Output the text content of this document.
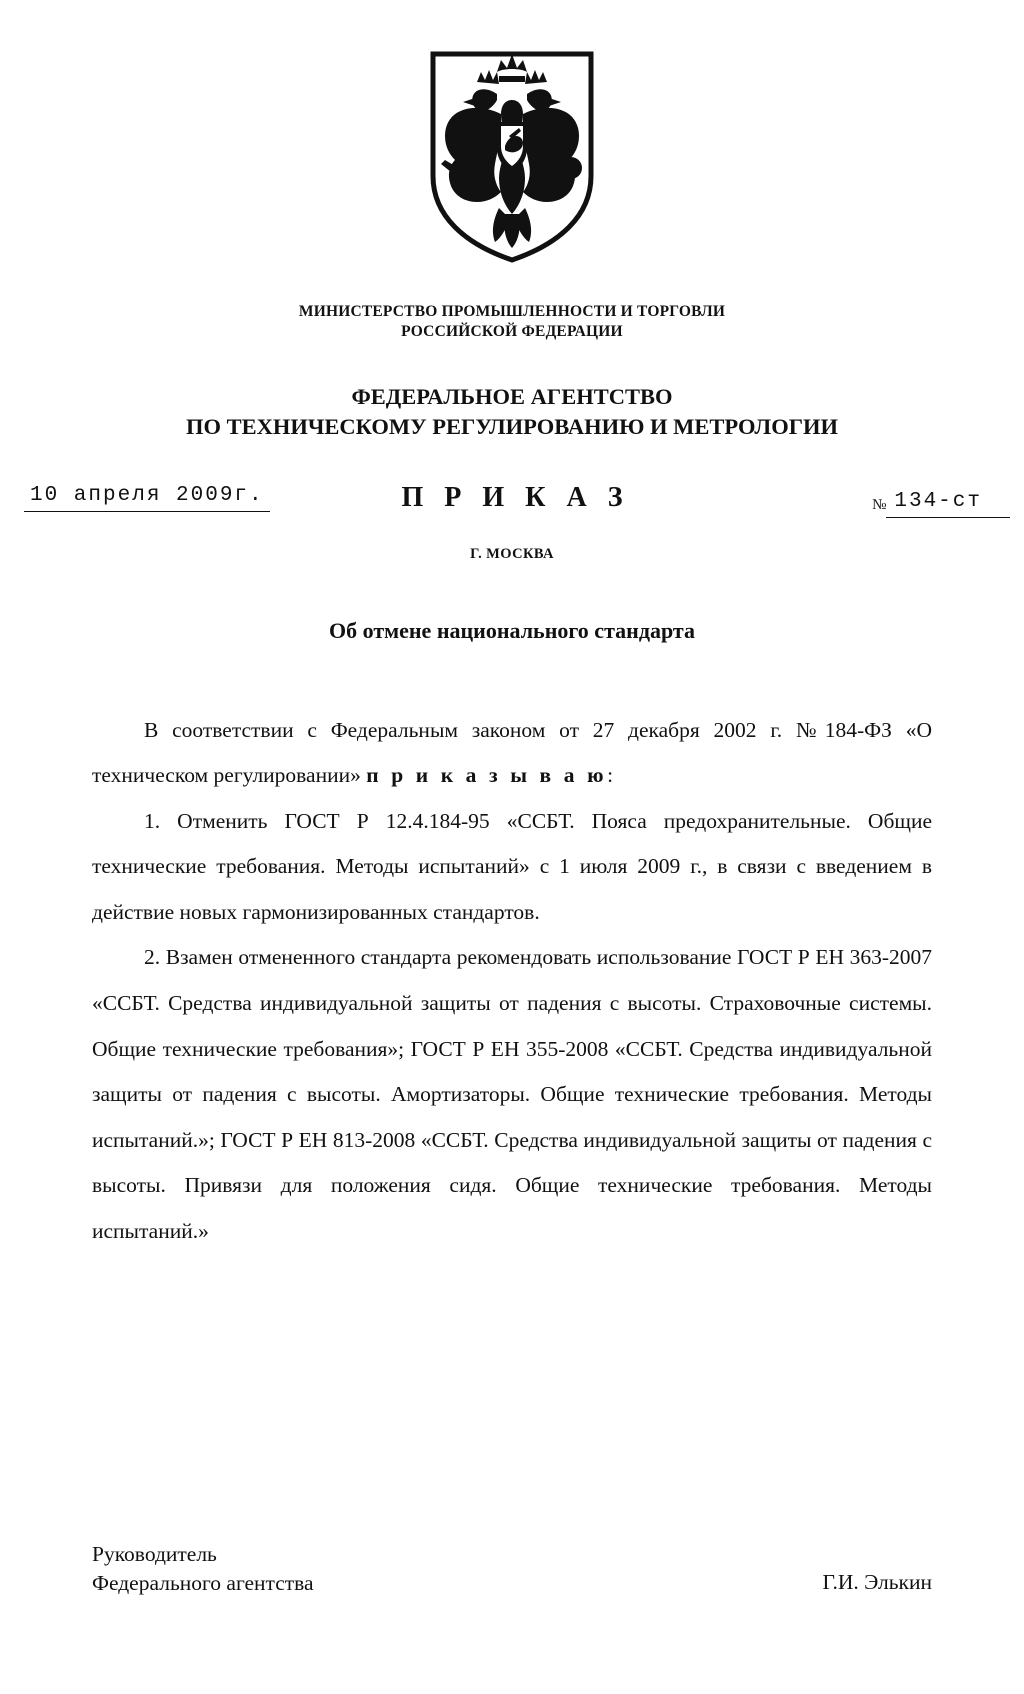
МИНИСТЕРСТВО ПРОМЫШЛЕННОСТИ И ТОРГОВЛИ
РОССИЙСКОЙ ФЕДЕРАЦИИ
ФЕДЕРАЛЬНОЕ АГЕНТСТВО
ПО ТЕХНИЧЕСКОМУ РЕГУЛИРОВАНИЮ И МЕТРОЛОГИИ
10 апреля 2009г.	П Р И К А З	№ 134-ст
Г. МОСКВА
Об отмене национального стандарта

В соответствии с Федеральным законом от 27 декабря 2002 г. №184-ФЗ «О техническом регулировании» п р и к а з ы в а ю:

1. Отменить ГОСТ Р 12.4.184-95 «ССБТ. Пояса предохранительные. Общие технические требования. Методы испытаний» с 1 июля 2009 г., в связи с введением в действие новых гармонизированных стандартов.

2. Взамен отмененного стандарта рекомендовать использование ГОСТ Р ЕН 363-2007 «ССБТ. Средства индивидуальной защиты от падения с высоты. Страховочные системы. Общие технические требования»; ГОСТ Р ЕН 355-2008 «ССБТ. Средства индивидуальной защиты от падения с высоты. Амортизаторы. Общие технические требования. Методы испытаний.»; ГОСТ Р ЕН 813-2008 «ССБТ. Средства индивидуальной защиты от падения с высоты. Привязи для положения сидя. Общие технические требования. Методы испытаний.»

Руководитель
Федерального агентства	Г.И. Элькин
